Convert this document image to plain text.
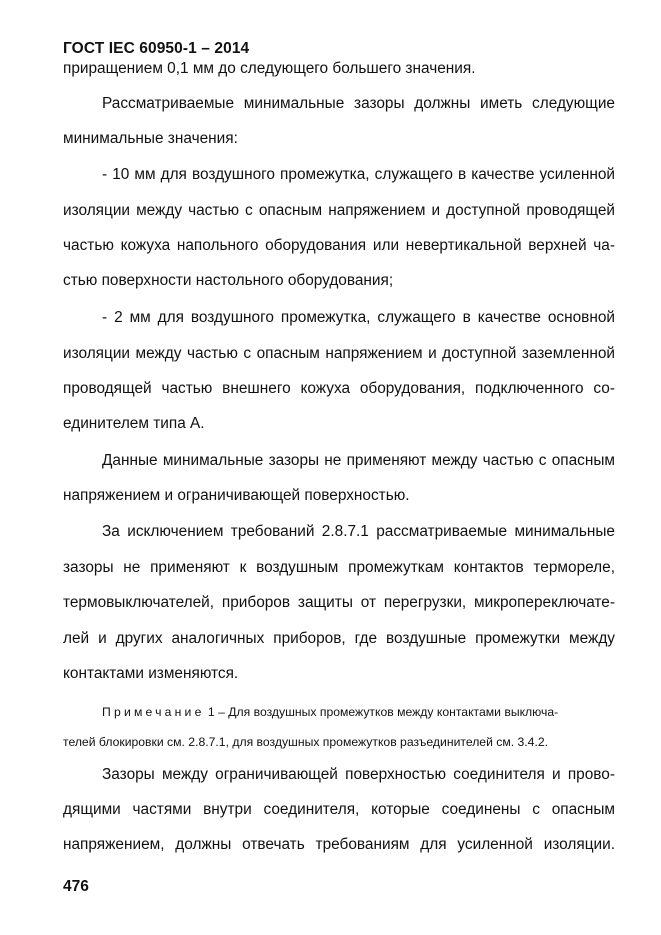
ГОСТ IEC 60950-1 – 2014
приращением 0,1 мм до следующего большего значения.
Рассматриваемые минимальные зазоры должны иметь следующие
минимальные значения:
- 10 мм для воздушного промежутка, служащего в качестве усиленной
изоляции между частью с опасным напряжением и доступной проводящей
частью кожуха напольного оборудования или невертикальной верхней ча-
стью поверхности настольного оборудования;
- 2 мм для воздушного промежутка, служащего в качестве основной
изоляции между частью с опасным напряжением и доступной заземленной
проводящей частью внешнего кожуха оборудования, подключенного со-
единителем типа А.
Данные минимальные зазоры не применяют между частью с опасным
напряжением и ограничивающей поверхностью.
За исключением требований 2.8.7.1 рассматриваемые минимальные
зазоры не применяют к воздушным промежуткам контактов термореле,
термовыключателей, приборов защиты от перегрузки, микропереключате-
лей и других аналогичных приборов, где воздушные промежутки между
контактами изменяются.
Примечание 1 – Для воздушных промежутков между контактами выключа-
телей блокировки см. 2.8.7.1, для воздушных промежутков разъединителей см. 3.4.2.
Зазоры между ограничивающей поверхностью соединителя и прово-
дящими частями внутри соединителя, которые соединены с опасным
напряжением, должны отвечать требованиям для усиленной изоляции.
476
